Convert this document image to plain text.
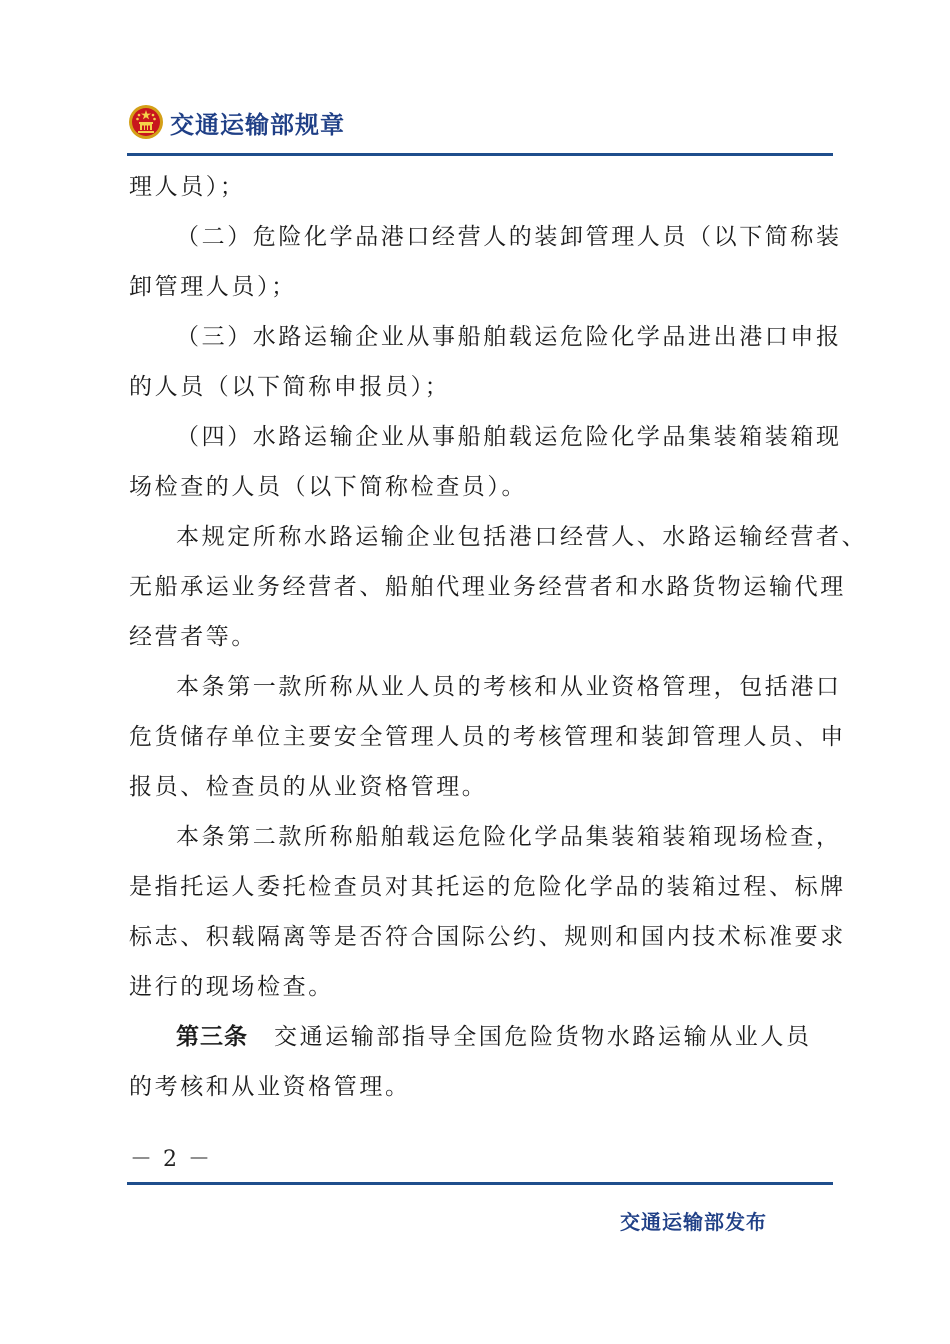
交通运输部规章
理人员）；
（二）危险化学品港口经营人的装卸管理人员（以下简称装
卸管理人员）；
（三）水路运输企业从事船舶载运危险化学品进出港口申报
的人员（以下简称申报员）；
（四）水路运输企业从事船舶载运危险化学品集装箱装箱现
场检查的人员（以下简称检查员）。
本规定所称水路运输企业包括港口经营人、水路运输经营者、
无船承运业务经营者、船舶代理业务经营者和水路货物运输代理
经营者等。
本条第一款所称从业人员的考核和从业资格管理，包括港口
危货储存单位主要安全管理人员的考核管理和装卸管理人员、申
报员、检查员的从业资格管理。
本条第二款所称船舶载运危险化学品集装箱装箱现场检查，
是指托运人委托检查员对其托运的危险化学品的装箱过程、标牌
标志、积载隔离等是否符合国际公约、规则和国内技术标准要求
进行的现场检查。
第三条 交通运输部指导全国危险货物水路运输从业人员
的考核和从业资格管理。
－ 2 －
交通运输部发布
